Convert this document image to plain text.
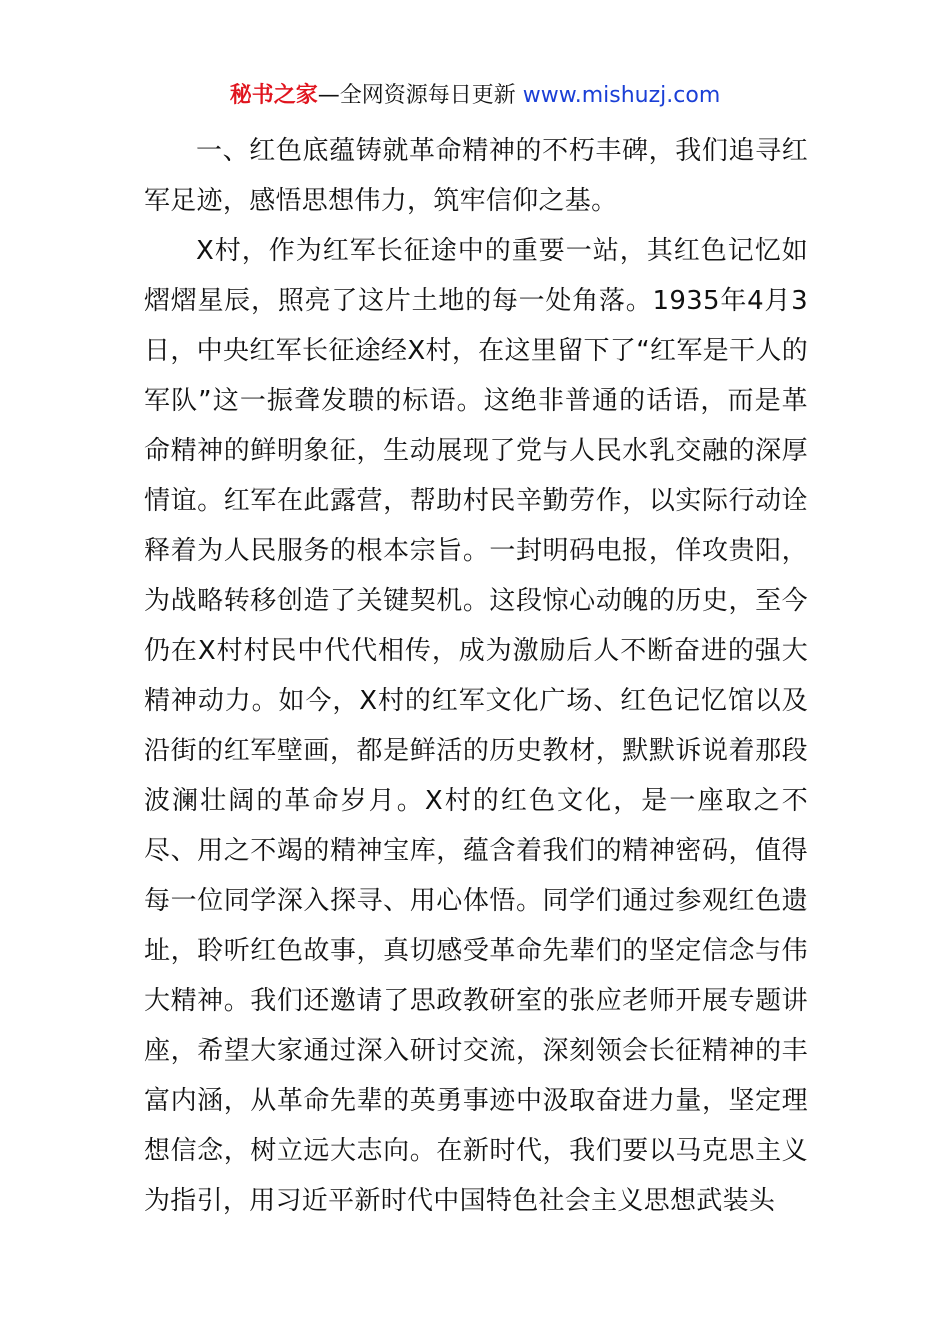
秘书之家—全网资源每日更新 www.mishuzj.com

一、红色底蕴铸就革命精神的不朽丰碑，我们追寻红军足迹，感悟思想伟力，筑牢信仰之基。

X村，作为红军长征途中的重要一站，其红色记忆如熠熠星辰，照亮了这片土地的每一处角落。1935年4月3日，中央红军长征途经X村，在这里留下了“红军是干人的军队”这一振聋发聩的标语。这绝非普通的话语，而是革命精神的鲜明象征，生动展现了党与人民水乳交融的深厚情谊。红军在此露营，帮助村民辛勤劳作，以实际行动诠释着为人民服务的根本宗旨。一封明码电报，佯攻贵阳，为战略转移创造了关键契机。这段惊心动魄的历史，至今仍在X村村民中代代相传，成为激励后人不断奋进的强大精神动力。如今，X村的红军文化广场、红色记忆馆以及沿街的红军壁画，都是鲜活的历史教材，默默诉说着那段波澜壮阔的革命岁月。X村的红色文化，是一座取之不尽、用之不竭的精神宝库，蕴含着我们的精神密码，值得每一位同学深入探寻、用心体悟。同学们通过参观红色遗址，聆听红色故事，真切感受革命先辈们的坚定信念与伟大精神。我们还邀请了思政教研室的张应老师开展专题讲座，希望大家通过深入研讨交流，深刻领会长征精神的丰富内涵，从革命先辈的英勇事迹中汲取奋进力量，坚定理想信念，树立远大志向。在新时代，我们要以马克思主义为指引，用习近平新时代中国特色社会主义思想武装头
